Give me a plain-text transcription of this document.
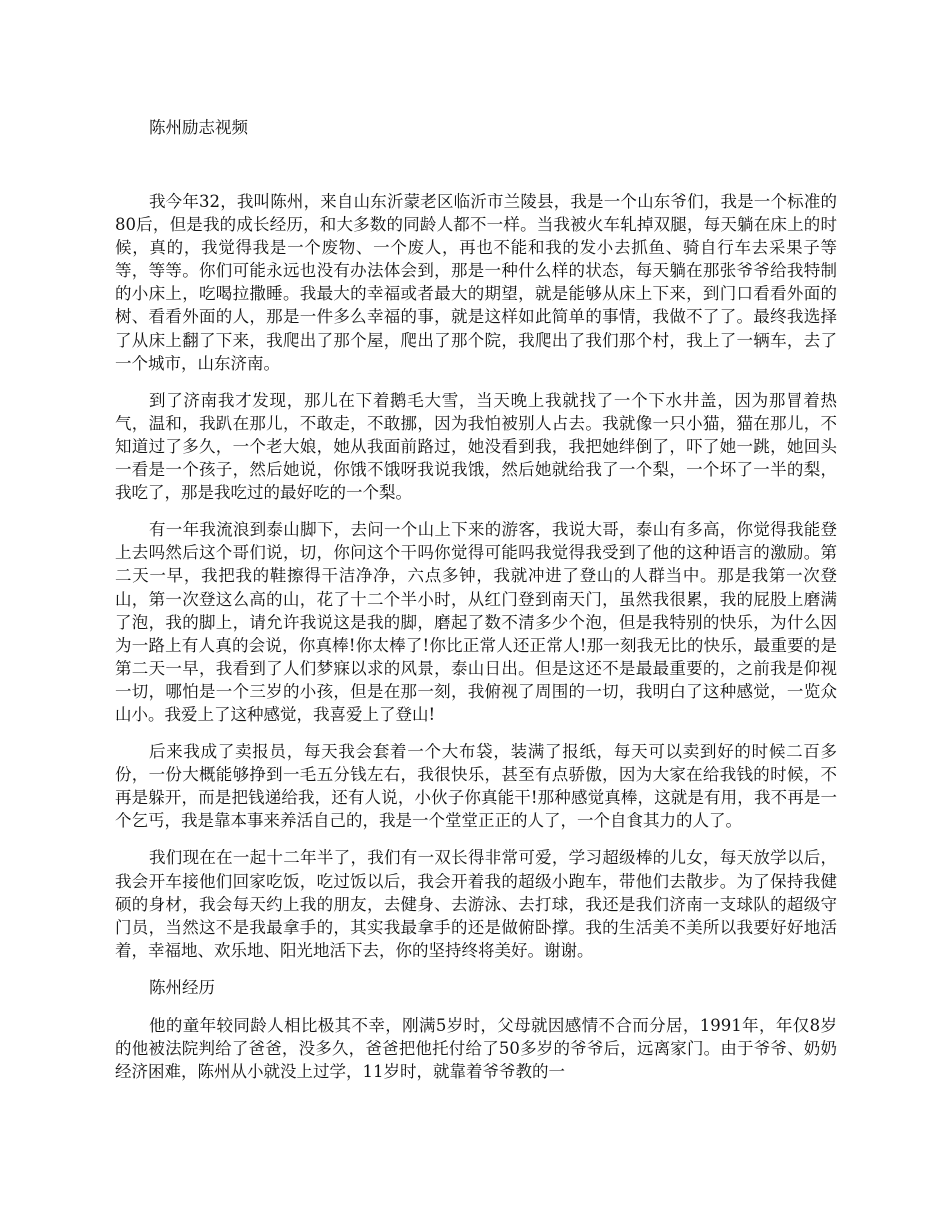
陈州励志视频

我今年32，我叫陈州，来自山东沂蒙老区临沂市兰陵县，我是一个山东爷们，我是一个标准的80后，但是我的成长经历，和大多数的同龄人都不一样。当我被火车轧掉双腿，每天躺在床上的时候，真的，我觉得我是一个废物、一个废人，再也不能和我的发小去抓鱼、骑自行车去采果子等等，等等。你们可能永远也没有办法体会到，那是一种什么样的状态，每天躺在那张爷爷给我特制的小床上，吃喝拉撒睡。我最大的幸福或者最大的期望，就是能够从床上下来，到门口看看外面的树、看看外面的人，那是一件多么幸福的事，就是这样如此简单的事情，我做不了了。最终我选择了从床上翻了下来，我爬出了那个屋，爬出了那个院，我爬出了我们那个村，我上了一辆车，去了一个城市，山东济南。

到了济南我才发现，那儿在下着鹅毛大雪，当天晚上我就找了一个下水井盖，因为那冒着热气，温和，我趴在那儿，不敢走，不敢挪，因为我怕被别人占去。我就像一只小猫，猫在那儿，不知道过了多久，一个老大娘，她从我面前路过，她没看到我，我把她绊倒了，吓了她一跳，她回头一看是一个孩子，然后她说，你饿不饿呀我说我饿，然后她就给我了一个梨，一个坏了一半的梨，我吃了，那是我吃过的最好吃的一个梨。

有一年我流浪到泰山脚下，去问一个山上下来的游客，我说大哥，泰山有多高，你觉得我能登上去吗然后这个哥们说，切，你问这个干吗你觉得可能吗我觉得我受到了他的这种语言的激励。第二天一早，我把我的鞋擦得干洁净净，六点多钟，我就冲进了登山的人群当中。那是我第一次登山，第一次登这么高的山，花了十二个半小时，从红门登到南天门，虽然我很累，我的屁股上磨满了泡，我的脚上，请允许我说这是我的脚，磨起了数不清多少个泡，但是我特别的快乐，为什么因为一路上有人真的会说，你真棒!你太棒了!你比正常人还正常人!那一刻我无比的快乐，最重要的是第二天一早，我看到了人们梦寐以求的风景，泰山日出。但是这还不是最最重要的，之前我是仰视一切，哪怕是一个三岁的小孩，但是在那一刻，我俯视了周围的一切，我明白了这种感觉，一览众山小。我爱上了这种感觉，我喜爱上了登山!

后来我成了卖报员，每天我会套着一个大布袋，装满了报纸，每天可以卖到好的时候二百多份，一份大概能够挣到一毛五分钱左右，我很快乐，甚至有点骄傲，因为大家在给我钱的时候，不再是躲开，而是把钱递给我，还有人说，小伙子你真能干!那种感觉真棒，这就是有用，我不再是一个乞丐，我是靠本事来养活自己的，我是一个堂堂正正的人了，一个自食其力的人了。

我们现在在一起十二年半了，我们有一双长得非常可爱，学习超级棒的儿女，每天放学以后，我会开车接他们回家吃饭，吃过饭以后，我会开着我的超级小跑车，带他们去散步。为了保持我健硕的身材，我会每天约上我的朋友，去健身、去游泳、去打球，我还是我们济南一支球队的超级守门员，当然这不是我最拿手的，其实我最拿手的还是做俯卧撑。我的生活美不美所以我要好好地活着，幸福地、欢乐地、阳光地活下去，你的坚持终将美好。谢谢。

陈州经历

他的童年较同龄人相比极其不幸，刚满5岁时，父母就因感情不合而分居，1991年，年仅8岁的他被法院判给了爸爸，没多久，爸爸把他托付给了50多岁的爷爷后，远离家门。由于爷爷、奶奶经济困难，陈州从小就没上过学，11岁时，就靠着爷爷教的一
